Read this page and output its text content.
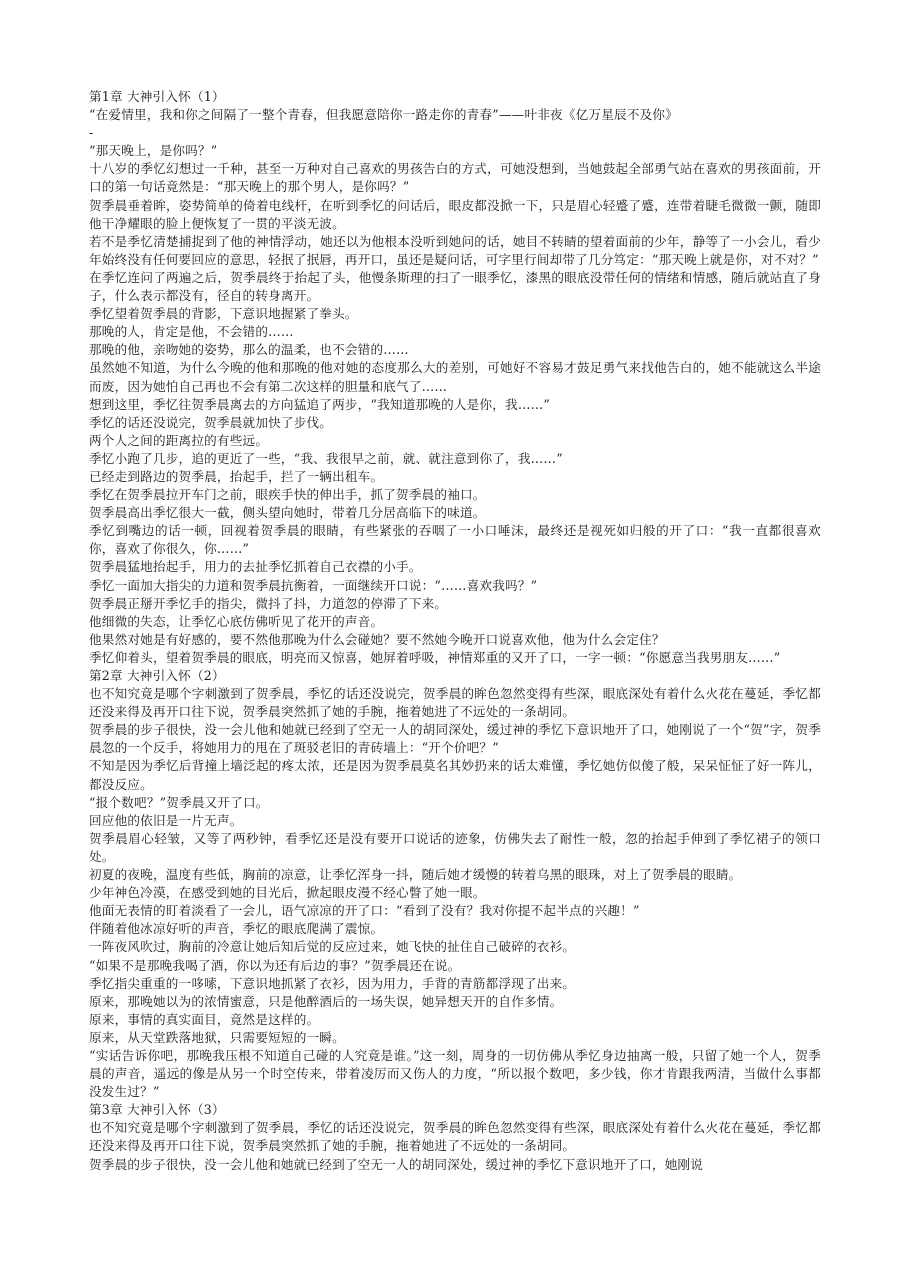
第1章 大神引入怀（1）

“在爱情里，我和你之间隔了一整个青春，但我愿意陪你一路走你的青春”——叶非夜《亿万星辰不及你》

-

“那天晚上，是你吗？”

十八岁的季忆幻想过一千种，甚至一万种对自己喜欢的男孩告白的方式，可她没想到，当她鼓起全部勇气站在喜欢的男孩面前，开口的第一句话竟然是：“那天晚上的那个男人，是你吗？”

贺季晨垂着眸，姿势简单的倚着电线杆，在听到季忆的问话后，眼皮都没掀一下，只是眉心轻蹙了蹙，连带着睫毛微微一颤，随即他干净耀眼的脸上便恢复了一贯的平淡无波。

若不是季忆清楚捕捉到了他的神情浮动，她还以为他根本没听到她问的话，她目不转睛的望着面前的少年，静等了一小会儿，看少年始终没有任何要回应的意思，轻抿了抿唇，再开口，虽还是疑问话，可字里行间却带了几分笃定：“那天晚上就是你，对不对？”

在季忆连问了两遍之后，贺季晨终于抬起了头，他慢条斯理的扫了一眼季忆，漆黑的眼底没带任何的情绪和情感，随后就站直了身子，什么表示都没有，径自的转身离开。

季忆望着贺季晨的背影，下意识地握紧了拳头。

那晚的人，肯定是他，不会错的……

那晚的他，亲吻她的姿势，那么的温柔，也不会错的……

虽然她不知道，为什么今晚的他和那晚的他对她的态度那么大的差别，可她好不容易才鼓足勇气来找他告白的，她不能就这么半途而废，因为她怕自己再也不会有第二次这样的胆量和底气了……

想到这里，季忆往贺季晨离去的方向猛追了两步，“我知道那晚的人是你，我……”

季忆的话还没说完，贺季晨就加快了步伐。

两个人之间的距离拉的有些远。

季忆小跑了几步，追的更近了一些，“我、我很早之前，就、就注意到你了，我……”

已经走到路边的贺季晨，抬起手，拦了一辆出租车。

季忆在贺季晨拉开车门之前，眼疾手快的伸出手，抓了贺季晨的袖口。

贺季晨高出季忆很大一截，侧头望向她时，带着几分居高临下的味道。

季忆到嘴边的话一顿，回视着贺季晨的眼睛，有些紧张的吞咽了一小口唾沫，最终还是视死如归般的开了口：“我一直都很喜欢你，喜欢了你很久，你……”

贺季晨猛地抬起手，用力的去扯季忆抓着自己衣襟的小手。

季忆一面加大指尖的力道和贺季晨抗衡着，一面继续开口说：“……喜欢我吗？”

贺季晨正掰开季忆手的指尖，微抖了抖，力道忽的停滞了下来。

他细微的失态，让季忆心底仿佛听见了花开的声音。

他果然对她是有好感的，要不然他那晚为什么会碰她？要不然她今晚开口说喜欢他，他为什么会定住？

季忆仰着头，望着贺季晨的眼底，明亮而又惊喜，她屏着呼吸，神情郑重的又开了口，一字一顿：“你愿意当我男朋友……”

第2章 大神引入怀（2）

也不知究竟是哪个字刺激到了贺季晨，季忆的话还没说完，贺季晨的眸色忽然变得有些深，眼底深处有着什么火花在蔓延，季忆都还没来得及再开口往下说，贺季晨突然抓了她的手腕，拖着她进了不远处的一条胡同。

贺季晨的步子很快，没一会儿他和她就已经到了空无一人的胡同深处，缓过神的季忆下意识地开了口，她刚说了一个“贺”字，贺季晨忽的一个反手，将她用力的甩在了斑驳老旧的青砖墙上：“开个价吧？”

不知是因为季忆后背撞上墙泛起的疼太浓，还是因为贺季晨莫名其妙扔来的话太难懂，季忆她仿似傻了般，呆呆怔怔了好一阵儿，都没反应。

“报个数吧？”贺季晨又开了口。

回应他的依旧是一片无声。

贺季晨眉心轻皱，又等了两秒钟，看季忆还是没有要开口说话的迹象，仿佛失去了耐性一般，忽的抬起手伸到了季忆裙子的领口处。

初夏的夜晚，温度有些低，胸前的凉意，让季忆浑身一抖，随后她才缓慢的转着乌黑的眼珠，对上了贺季晨的眼睛。

少年神色冷漠，在感受到她的目光后，掀起眼皮漫不经心瞥了她一眼。

他面无表情的盯着淡看了一会儿，语气凉凉的开了口：“看到了没有？我对你提不起半点的兴趣！”

伴随着他冰凉好听的声音，季忆的眼底爬满了震惊。

一阵夜风吹过，胸前的冷意让她后知后觉的反应过来，她飞快的扯住自己破碎的衣衫。

“如果不是那晚我喝了酒，你以为还有后边的事？”贺季晨还在说。

季忆指尖重重的一哆嗦，下意识地抓紧了衣衫，因为用力，手背的青筋都浮现了出来。

原来，那晚她以为的浓情蜜意，只是他醉酒后的一场失误，她异想天开的自作多情。

原来，事情的真实面目，竟然是这样的。

原来，从天堂跌落地狱，只需要短短的一瞬。

“实话告诉你吧，那晚我压根不知道自己碰的人究竟是谁。”这一刻，周身的一切仿佛从季忆身边抽离一般，只留了她一个人，贺季晨的声音，遥远的像是从另一个时空传来，带着凌厉而又伤人的力度，“所以报个数吧，多少钱，你才肯跟我两清，当做什么事都没发生过？”

第3章 大神引入怀（3）

也不知究竟是哪个字刺激到了贺季晨，季忆的话还没说完，贺季晨的眸色忽然变得有些深，眼底深处有着什么火花在蔓延，季忆都还没来得及再开口往下说，贺季晨突然抓了她的手腕，拖着她进了不远处的一条胡同。

贺季晨的步子很快，没一会儿他和她就已经到了空无一人的胡同深处，缓过神的季忆下意识地开了口，她刚说
